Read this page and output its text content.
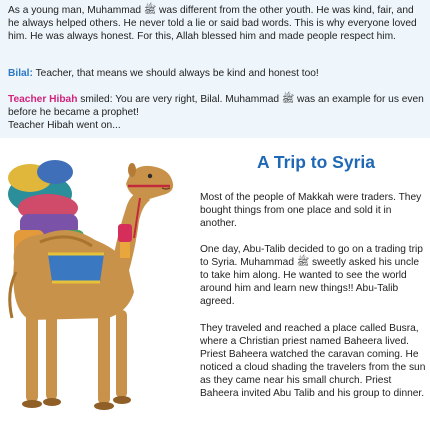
As a young man, Muhammad ﷺ was different from the other youth. He was kind, fair, and he always helped others. He never told a lie or said bad words. This is why everyone loved him. He was always honest. For this, Allah blessed him and made people respect him.

Bilal: Teacher, that means we should always be kind and honest too!

Teacher Hibah smiled: You are very right, Bilal. Muhammad ﷺ was an example for us even before he became a prophet!
Teacher Hibah went on...

A Trip to Syria

Most of the people of Makkah were traders. They bought things from one place and sold it in another.

One day, Abu-Talib decided to go on a trading trip to Syria. Muhammad ﷺ sweetly asked his uncle to take him along. He wanted to see the world around him and learn new things!! Abu-Talib agreed.

They traveled and reached a place called Busra, where a Christian priest named Baheera lived. Priest Baheera watched the caravan coming. He noticed a cloud shading the travelers from the sun as they came near his small church. Priest Baheera invited Abu Talib and his group to dinner.
